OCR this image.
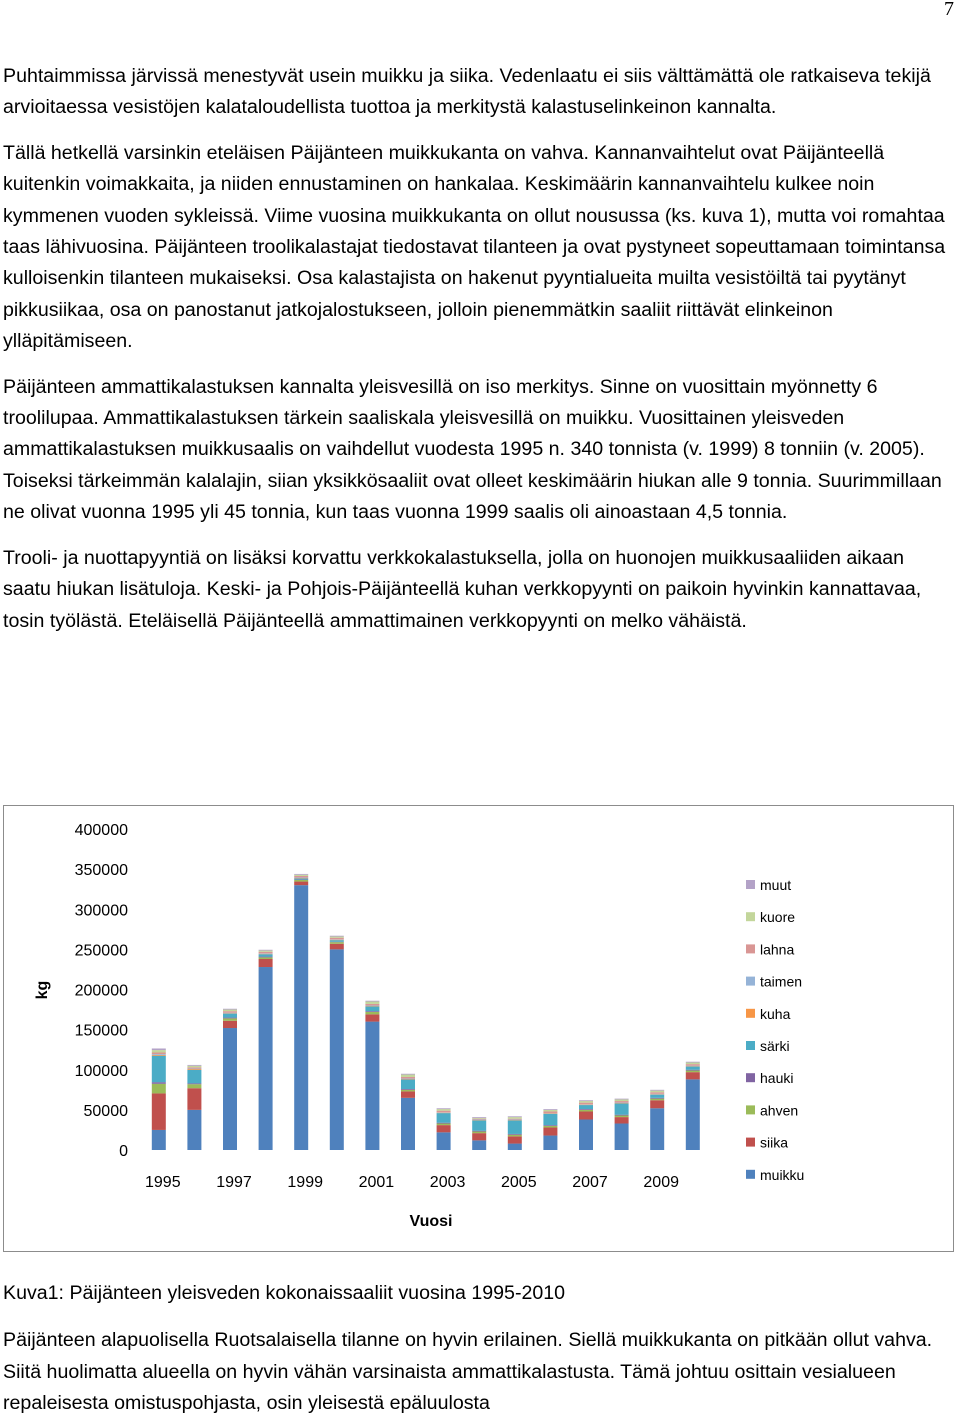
7

Puhtaimmissa järvissä menestyvät usein muikku ja siika. Vedenlaatu ei siis välttämättä ole ratkaiseva tekijä arvioitaessa vesistöjen kalataloudellista tuottoa ja merkitystä kalastuselinkeinon kannalta.

Tällä hetkellä varsinkin eteläisen Päijänteen muikkukanta on vahva. Kannanvaihtelut ovat Päijänteellä kuitenkin voimakkaita, ja niiden ennustaminen on hankalaa. Keskimäärin kannanvaihtelu kulkee noin kymmenen vuoden sykleissä. Viime vuosina muikkukanta on ollut nousussa (ks. kuva 1), mutta voi romahtaa taas lähivuosina. Päijänteen troolikalastajat tiedostavat tilanteen ja ovat pystyneet sopeuttamaan toimintansa kulloisenkin tilanteen mukaiseksi. Osa kalastajista on hakenut pyyntialueita muilta vesistöiltä tai pyytänyt pikkusiikaa, osa on panostanut jatkojalostukseen, jolloin pienemmätkin saaliit riittävät elinkeinon ylläpitämiseen.

Päijänteen ammattikalastuksen kannalta yleisvesillä on iso merkitys. Sinne on vuosittain myönnetty 6 troolilupaa. Ammattikalastuksen tärkein saaliskala yleisvesillä on muikku. Vuosittainen yleisveden ammattikalastuksen muikkusaalis on vaihdellut vuodesta 1995 n. 340 tonnista (v. 1999) 8 tonniin (v. 2005). Toiseksi tärkeimmän kalalajin, siian yksikkösaaliit ovat olleet keskimäärin hiukan alle 9 tonnia. Suurimmillaan ne olivat vuonna 1995 yli 45 tonnia, kun taas vuonna 1999 saalis oli ainoastaan 4,5 tonnia.

Trooli- ja nuottapyyntiä on lisäksi korvattu verkkokalastuksella, jolla on huonojen muikkusaaliiden aikaan saatu hiukan lisätuloja. Keski- ja Pohjois-Päijänteellä kuhan verkkopyynti on paikoin hyvinkin kannattavaa, tosin työlästä. Eteläisellä Päijänteellä ammattimainen verkkopyynti on melko vähäistä.

0
50000
100000
150000
200000
250000
300000
350000
400000
kg
1995 1997 1999 2001 2003 2005 2007 2009
Vuosi
muut
kuore
lahna
taimen
kuha
särki
hauki
ahven
siika
muikku

Kuva1: Päijänteen yleisveden kokonaissaaliit vuosina 1995-2010

Päijänteen alapuolisella Ruotsalaisella tilanne on hyvin erilainen. Siellä muikkukanta on pitkään ollut vahva. Siitä huolimatta alueella on hyvin vähän varsinaista ammattikalastusta. Tämä johtuu osittain vesialueen repaleisesta omistuspohjasta, osin yleisestä epäluulosta
